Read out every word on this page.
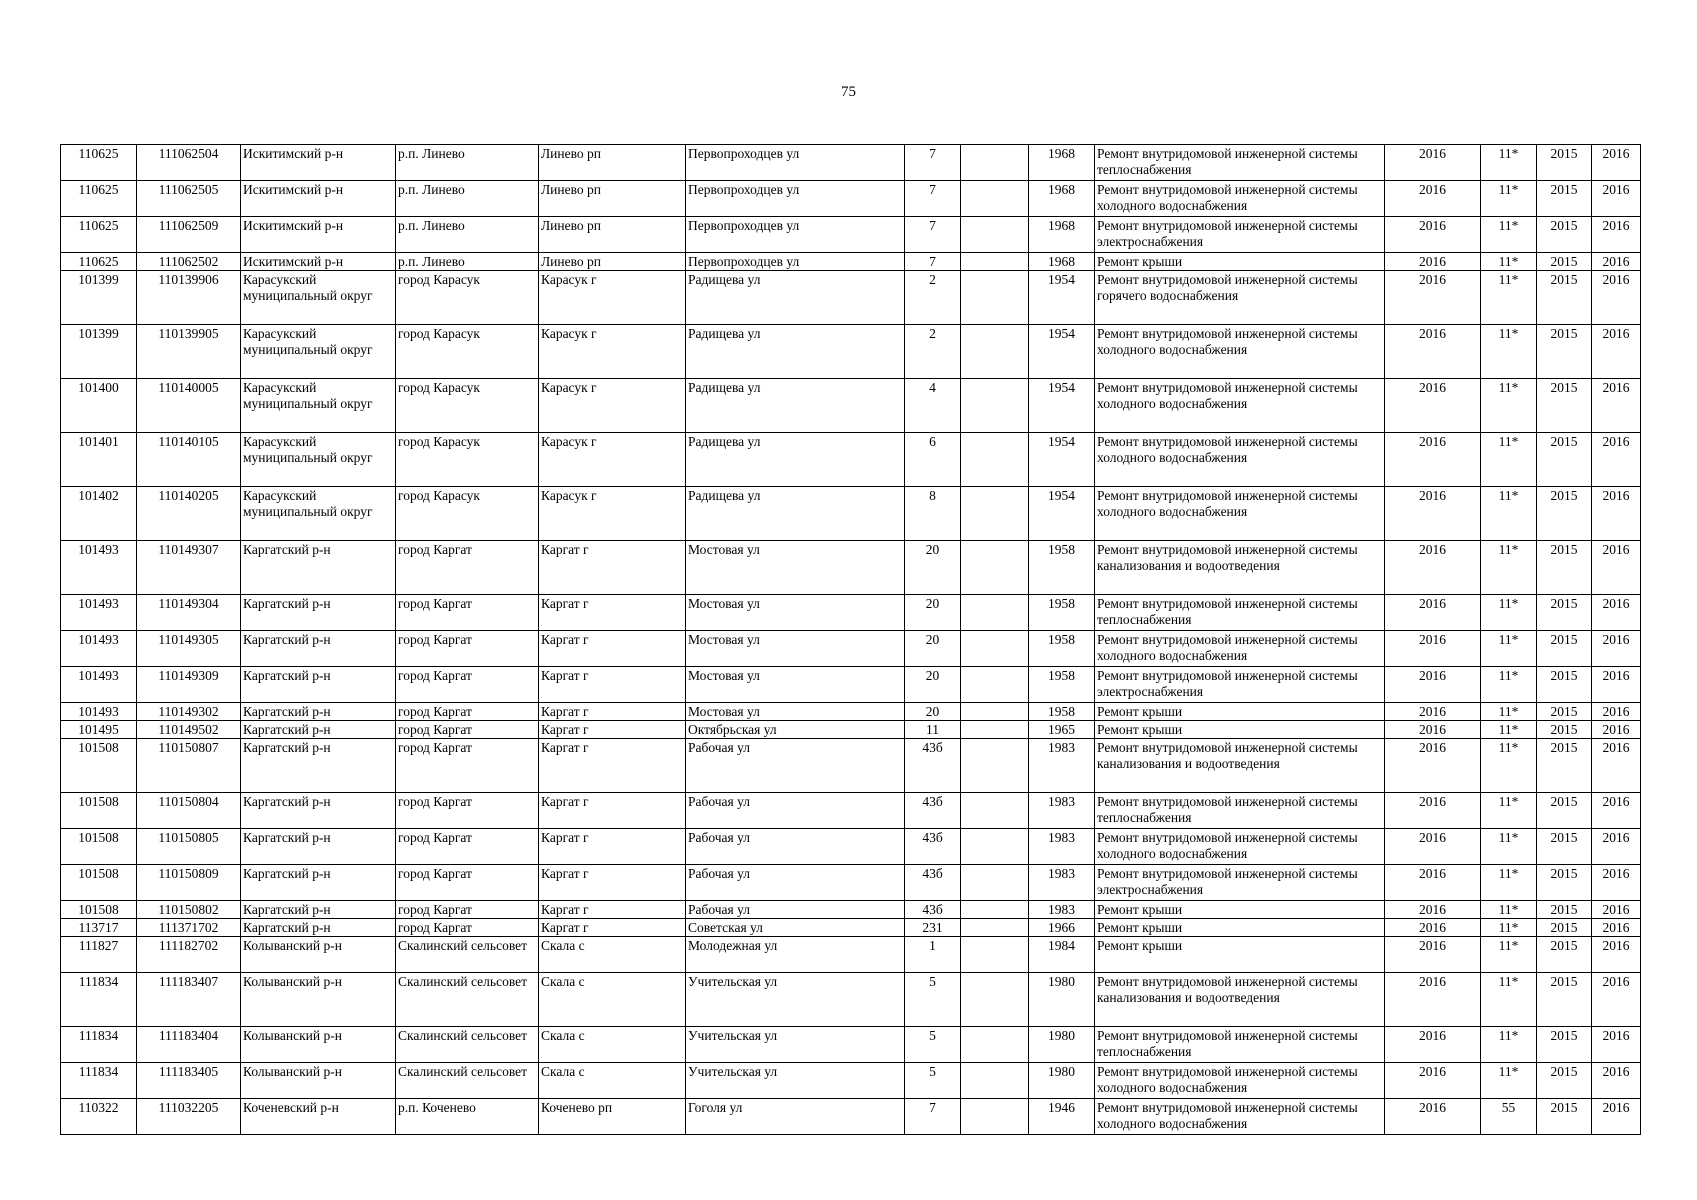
75
110625	111062504	Искитимский р-н	р.п. Линево	Линево рп	Первопроходцев ул	7		1968	Ремонт внутридомовой инженерной системы теплоснабжения	2016	11*	2015	2016
110625	111062505	Искитимский р-н	р.п. Линево	Линево рп	Первопроходцев ул	7		1968	Ремонт внутридомовой инженерной системы холодного водоснабжения	2016	11*	2015	2016
110625	111062509	Искитимский р-н	р.п. Линево	Линево рп	Первопроходцев ул	7		1968	Ремонт внутридомовой инженерной системы электроснабжения	2016	11*	2015	2016
110625	111062502	Искитимский р-н	р.п. Линево	Линево рп	Первопроходцев ул	7		1968	Ремонт крыши	2016	11*	2015	2016
101399	110139906	Карасукский муниципальный округ	город Карасук	Карасук г	Радищева ул	2		1954	Ремонт внутридомовой инженерной системы горячего водоснабжения	2016	11*	2015	2016
101399	110139905	Карасукский муниципальный округ	город Карасук	Карасук г	Радищева ул	2		1954	Ремонт внутридомовой инженерной системы холодного водоснабжения	2016	11*	2015	2016
101400	110140005	Карасукский муниципальный округ	город Карасук	Карасук г	Радищева ул	4		1954	Ремонт внутридомовой инженерной системы холодного водоснабжения	2016	11*	2015	2016
101401	110140105	Карасукский муниципальный округ	город Карасук	Карасук г	Радищева ул	6		1954	Ремонт внутридомовой инженерной системы холодного водоснабжения	2016	11*	2015	2016
101402	110140205	Карасукский муниципальный округ	город Карасук	Карасук г	Радищева ул	8		1954	Ремонт внутридомовой инженерной системы холодного водоснабжения	2016	11*	2015	2016
101493	110149307	Каргатский р-н	город Каргат	Каргат г	Мостовая ул	20		1958	Ремонт внутридомовой инженерной системы канализования и водоотведения	2016	11*	2015	2016
101493	110149304	Каргатский р-н	город Каргат	Каргат г	Мостовая ул	20		1958	Ремонт внутридомовой инженерной системы теплоснабжения	2016	11*	2015	2016
101493	110149305	Каргатский р-н	город Каргат	Каргат г	Мостовая ул	20		1958	Ремонт внутридомовой инженерной системы холодного водоснабжения	2016	11*	2015	2016
101493	110149309	Каргатский р-н	город Каргат	Каргат г	Мостовая ул	20		1958	Ремонт внутридомовой инженерной системы электроснабжения	2016	11*	2015	2016
101493	110149302	Каргатский р-н	город Каргат	Каргат г	Мостовая ул	20		1958	Ремонт крыши	2016	11*	2015	2016
101495	110149502	Каргатский р-н	город Каргат	Каргат г	Октябрьская ул	11		1965	Ремонт крыши	2016	11*	2015	2016
101508	110150807	Каргатский р-н	город Каргат	Каргат г	Рабочая ул	43б		1983	Ремонт внутридомовой инженерной системы канализования и водоотведения	2016	11*	2015	2016
101508	110150804	Каргатский р-н	город Каргат	Каргат г	Рабочая ул	43б		1983	Ремонт внутридомовой инженерной системы теплоснабжения	2016	11*	2015	2016
101508	110150805	Каргатский р-н	город Каргат	Каргат г	Рабочая ул	43б		1983	Ремонт внутридомовой инженерной системы холодного водоснабжения	2016	11*	2015	2016
101508	110150809	Каргатский р-н	город Каргат	Каргат г	Рабочая ул	43б		1983	Ремонт внутридомовой инженерной системы электроснабжения	2016	11*	2015	2016
101508	110150802	Каргатский р-н	город Каргат	Каргат г	Рабочая ул	43б		1983	Ремонт крыши	2016	11*	2015	2016
113717	111371702	Каргатский р-н	город Каргат	Каргат г	Советская ул	231		1966	Ремонт крыши	2016	11*	2015	2016
111827	111182702	Колыванский р-н	Скалинский сельсовет	Скала с	Молодежная ул	1		1984	Ремонт крыши	2016	11*	2015	2016
111834	111183407	Колыванский р-н	Скалинский сельсовет	Скала с	Учительская ул	5		1980	Ремонт внутридомовой инженерной системы канализования и водоотведения	2016	11*	2015	2016
111834	111183404	Колыванский р-н	Скалинский сельсовет	Скала с	Учительская ул	5		1980	Ремонт внутридомовой инженерной системы теплоснабжения	2016	11*	2015	2016
111834	111183405	Колыванский р-н	Скалинский сельсовет	Скала с	Учительская ул	5		1980	Ремонт внутридомовой инженерной системы холодного водоснабжения	2016	11*	2015	2016
110322	111032205	Коченевский р-н	р.п. Коченево	Коченево рп	Гоголя ул	7		1946	Ремонт внутридомовой инженерной системы холодного водоснабжения	2016	55	2015	2016
